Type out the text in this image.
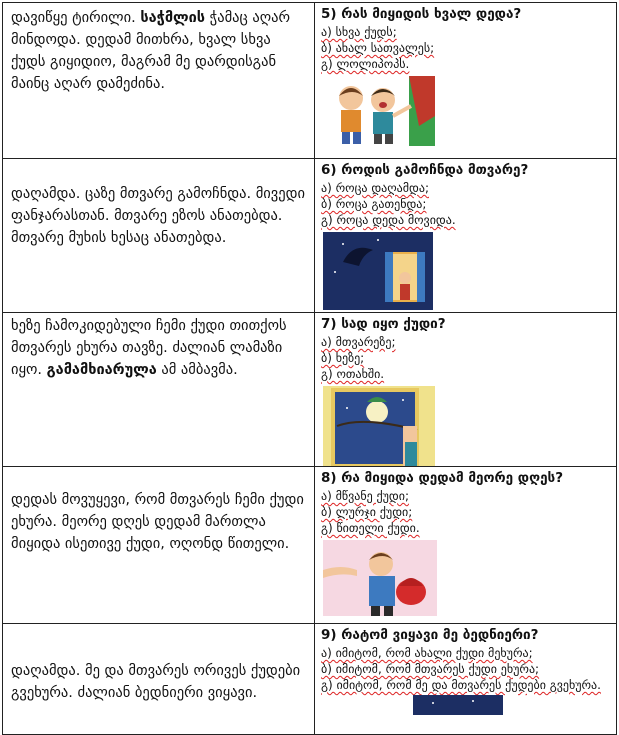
დავიწყე ტირილი. საჭმლის ჭამაც აღარ მინდოდა. დედამ მითხრა, ხვალ სხვა ქუდს გიყიდიო, მაგრამ მე დარდისგან მაინც აღარ დამეძინა.	5) რას მიყიდის ხვალ დედა?
ა) სხვა ქუდს;
ბ) ახალ სათვალეს;
გ) ლოლიპოპს.

დაღამდა. ცაზე მთვარე გამოჩნდა. მივედი ფანჯარასთან. მთვარე ეზოს ანათებდა. მთვარე მუხის ხესაც ანათებდა.	6) როდის გამოჩნდა მთვარე?
ა) როცა დაღამდა;
ბ) როცა გათენდა;
გ) როცა დედა მოვიდა.

ხეზე ჩამოკიდებული ჩემი ქუდი თითქოს მთვარეს ეხურა თავზე. ძალიან ლამაზი იყო. გამამხიარულა ამ ამბავმა.	7) სად იყო ქუდი?
ა) მთვარეზე;
ბ) ხეზე;
გ) ოთახში.

დედას მოვუყევი, რომ მთვარეს ჩემი ქუდი ეხურა. მეორე დღეს დედამ მართლა მიყიდა ისეთივე ქუდი, ოღონდ წითელი.	8) რა მიყიდა დედამ მეორე დღეს?
ა) მწვანე ქუდი;
ბ) ლურჯი ქუდი;
გ) წითელი ქუდი.

დაღამდა. მე და მთვარეს ორივეს ქუდები გვეხურა. ძალიან ბედნიერი ვიყავი.	9) რატომ ვიყავი მე ბედნიერი?
ა) იმიტომ, რომ ახალი ქუდი მეხურა;
ბ) იმიტომ, რომ მთვარეს ქუდი ეხურა;
გ) იმიტომ, რომ მე და მთვარეს ქუდები გვეხურა.
